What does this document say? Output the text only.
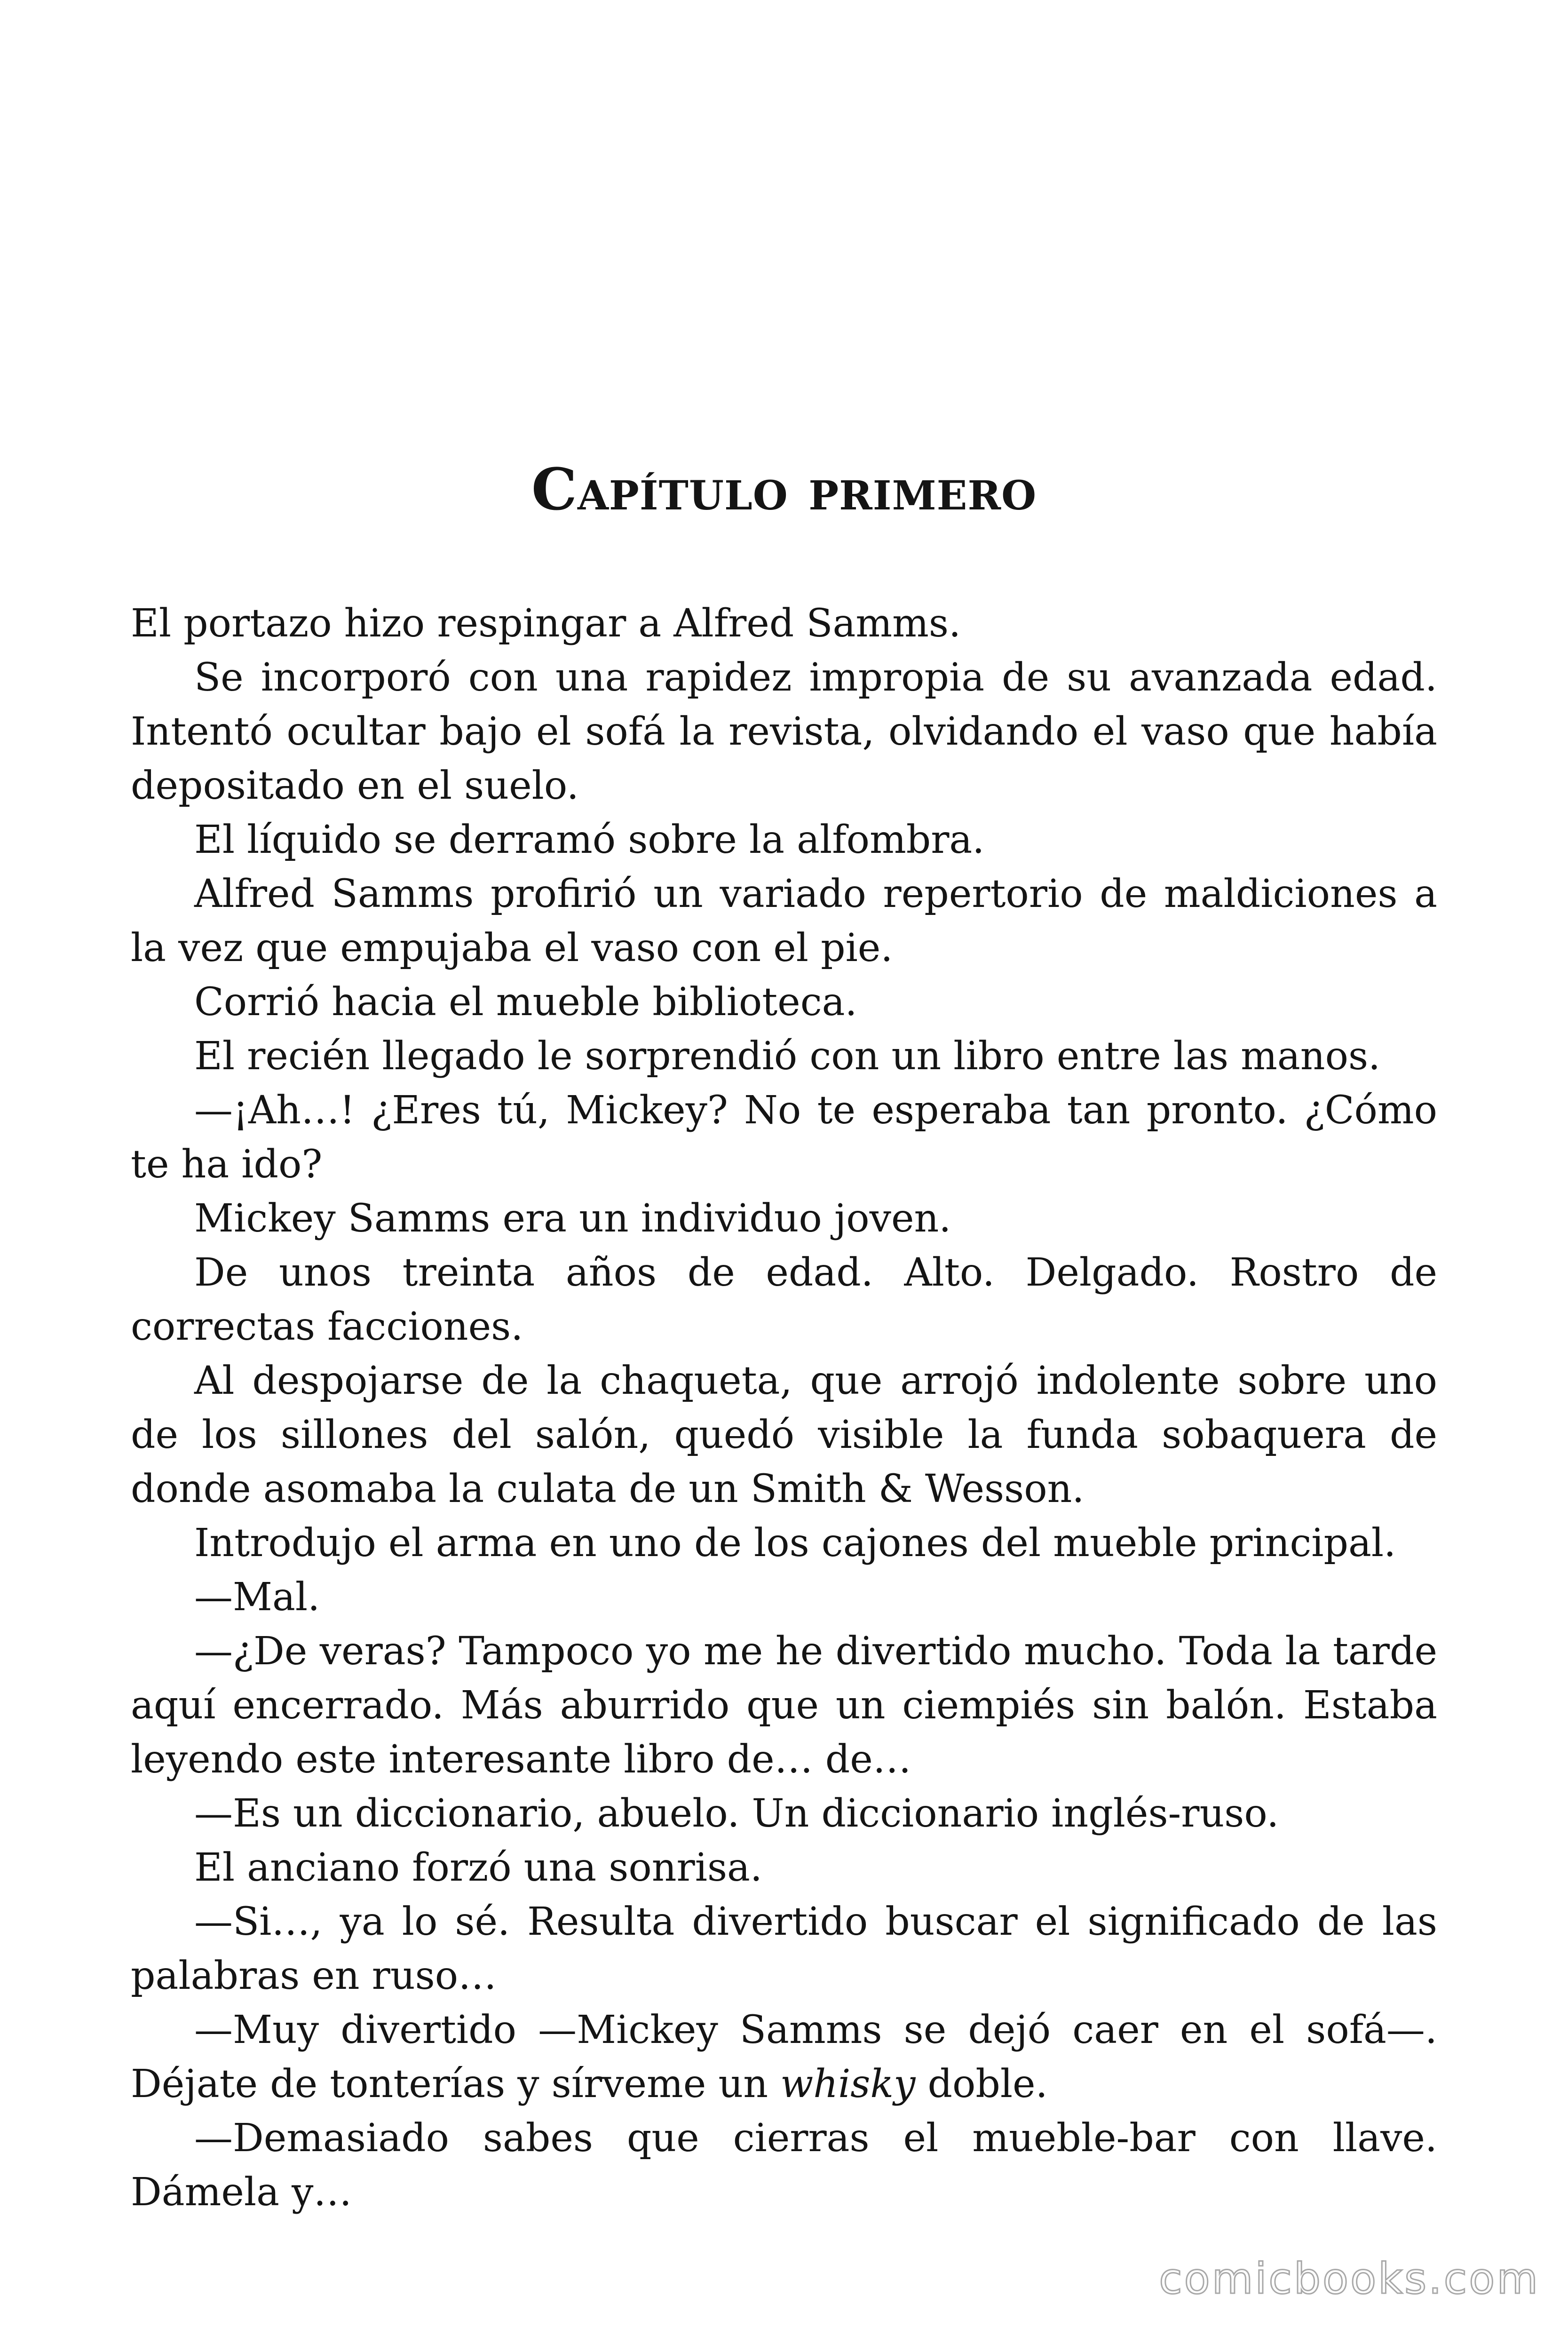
Capítulo primero

El portazo hizo respingar a Alfred Samms.

Se incorporó con una rapidez impropia de su avanzada edad. Intentó ocultar bajo el sofá la revista, olvidando el vaso que había depositado en el suelo.

El líquido se derramó sobre la alfombra.

Alfred Samms profirió un variado repertorio de maldiciones a la vez que empujaba el vaso con el pie.

Corrió hacia el mueble biblioteca.

El recién llegado le sorprendió con un libro entre las manos.

—¡Ah…! ¿Eres tú, Mickey? No te esperaba tan pronto. ¿Cómo te ha ido?

Mickey Samms era un individuo joven.

De unos treinta años de edad. Alto. Delgado. Rostro de correctas facciones.

Al despojarse de la chaqueta, que arrojó indolente sobre uno de los sillones del salón, quedó visible la funda sobaquera de donde asomaba la culata de un Smith & Wesson.

Introdujo el arma en uno de los cajones del mueble principal.

—Mal.

—¿De veras? Tampoco yo me he divertido mucho. Toda la tarde aquí encerrado. Más aburrido que un ciempiés sin balón. Estaba leyendo este interesante libro de… de…

—Es un diccionario, abuelo. Un diccionario inglés-ruso.

El anciano forzó una sonrisa.

—Si…, ya lo sé. Resulta divertido buscar el significado de las palabras en ruso…

—Muy divertido —Mickey Samms se dejó caer en el sofá—. Déjate de tonterías y sírveme un whisky doble.

—Demasiado sabes que cierras el mueble-bar con llave. Dámela y…

comicbooks.com
